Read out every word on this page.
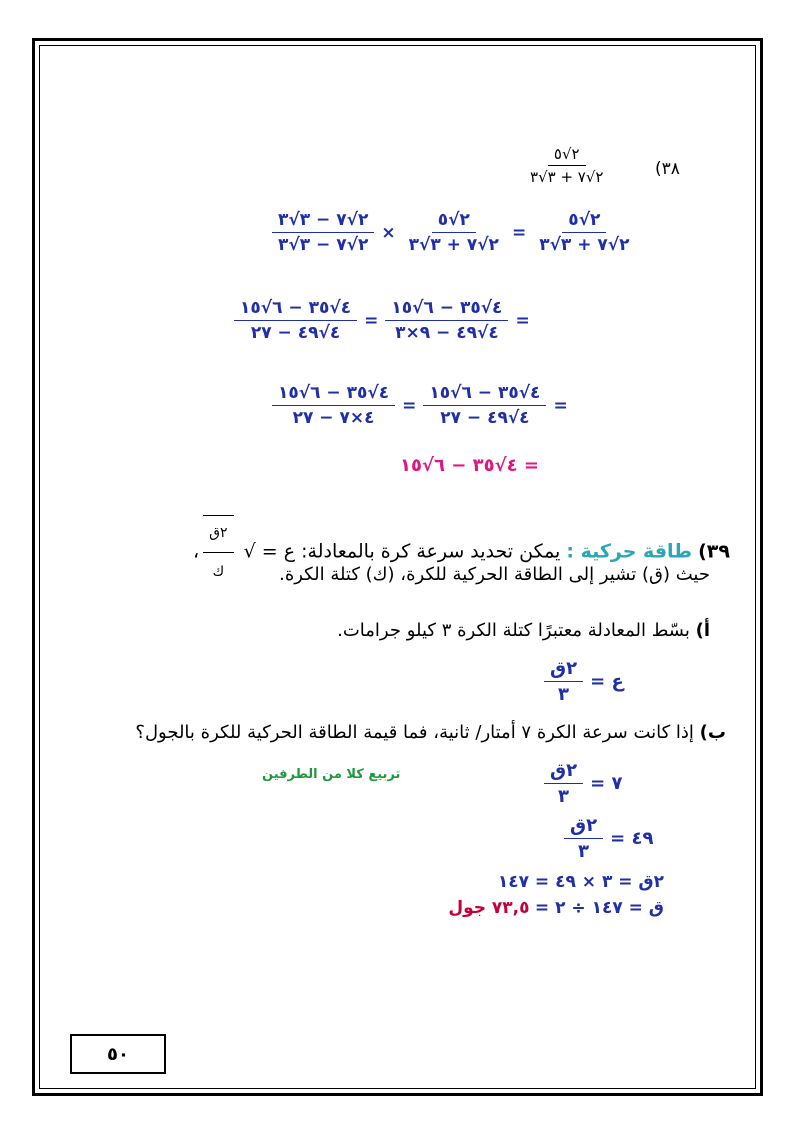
(٣٨
٢√٥
٢√٧ + ٣√٣
$\frac{٢√٧ - ٣√٣}{٢√٧ - ٣√٣} \times \frac{٢√٥}{٢√٧ + ٣√٣} = \frac{٢√٥}{٢√٧ + ٣√٣}$
$\frac{٤√٣٥ - ٦√١٥}{٤√٤٩ - ٢٧} = \frac{٤√٣٥ - ٦√١٥}{٤√٤٩ - ٩\times ٣}$ =
$\frac{٤√٣٥ - ٦√١٥}{٤\times ٧ - ٢٧} = \frac{٤√٣٥ - ٦√١٥}{٤√٤٩ - ٢٧}$ =
٤√٣٥ − ٦√١٥ =
٣٩) طاقة حركية : يمكن تحديد سرعة كرة بالمعادلة: ع = √
$\frac{\text{٢ق}}{\text{ك}}$
،
حيث (ق) تشير إلى الطاقة الحركية للكرة، (ك) كتلة الكرة.
أ) بسّط المعادلة معتبرًا كتلة الكرة ٣ كيلو جرامات.
$\frac{\text{٢ق}}{٣}$ ع =
ب) إذا كانت سرعة الكرة ٧ أمتار/ ثانية، فما قيمة الطاقة الحركية للكرة بالجول؟
تربيع كلا من الطرفين	$\frac{\text{٢ق}}{٣}$ ٧ =
$\frac{\text{٢ق}}{٣}$ ٤٩ =
٢ق = ٣ × ٤٩ = ١٤٧
ق = ١٤٧ ÷ ٢ = ٧٣,٥ جول
٥٠
